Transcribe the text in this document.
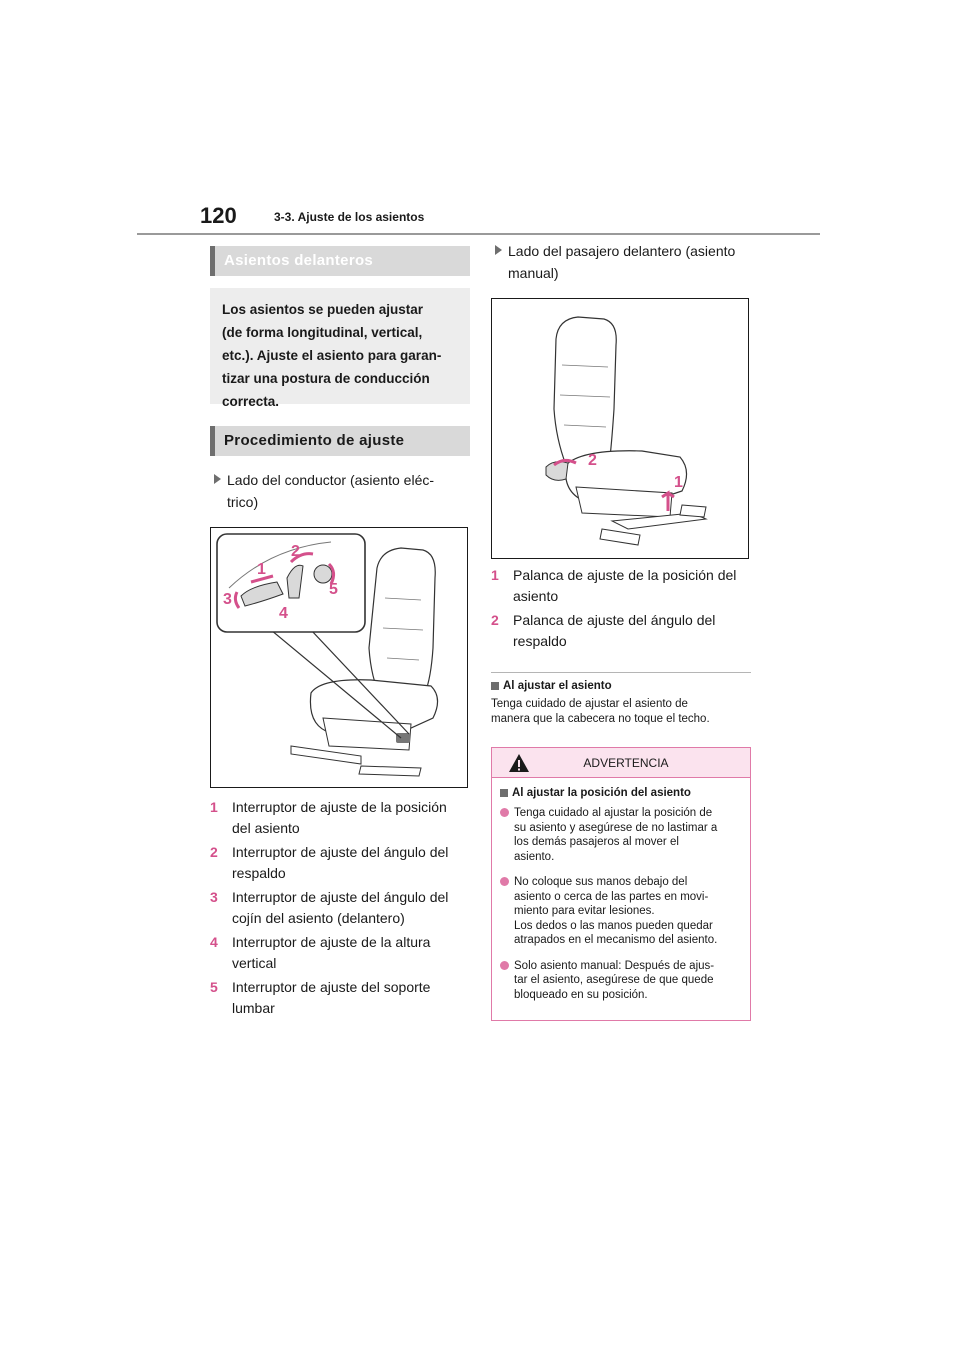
120	3-3. Ajuste de los asientos
Asientos delanteros
Los asientos se pueden ajustar
(de forma longitudinal, vertical,
etc.). Ajuste el asiento para garan-
tizar una postura de conducción
correcta.
Procedimiento de ajuste
Lado del conductor (asiento eléc-
trico)
1
2
3
4
5
1 Interruptor de ajuste de la posición
del asiento
2 Interruptor de ajuste del ángulo del
respaldo
3 Interruptor de ajuste del ángulo del
cojín del asiento (delantero)
4 Interruptor de ajuste de la altura
vertical
5 Interruptor de ajuste del soporte
lumbar
Lado del pasajero delantero (asiento
manual)
2
1
1 Palanca de ajuste de la posición del
asiento
2 Palanca de ajuste del ángulo del
respaldo
Al ajustar el asiento
Tenga cuidado de ajustar el asiento de
manera que la cabecera no toque el techo.
ADVERTENCIA
Al ajustar la posición del asiento
Tenga cuidado al ajustar la posición de
su asiento y asegúrese de no lastimar a
los demás pasajeros al mover el
asiento.
No coloque sus manos debajo del
asiento o cerca de las partes en movi-
miento para evitar lesiones.
Los dedos o las manos pueden quedar
atrapados en el mecanismo del asiento.
Solo asiento manual: Después de ajus-
tar el asiento, asegúrese de que quede
bloqueado en su posición.
